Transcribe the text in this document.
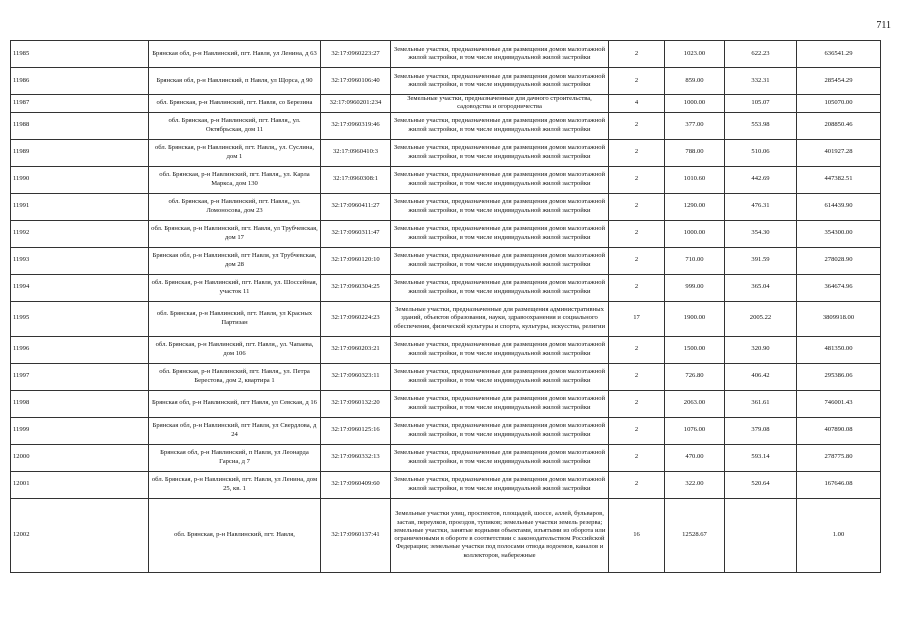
711
11985	Брянская обл, р-н Навлинский, пгт. Навля, ул Ленина, д 63	32:17:0960223:27	Земельные участки, предназначенные для размещения домов малоэтажной жилой застройки, в том числе индивидуальной жилой застройки	2	1023.00	622.23	636541.29
11986	Брянская обл, р-н Навлинский, п Навля, ул Щорса, д 90	32:17:0960106:40	Земельные участки, предназначенные для размещения домов малоэтажной жилой застройки, в том числе индивидуальной жилой застройки	2	859.00	332.31	285454.29
11987	обл. Брянская, р-н Навлинский, пгт. Навля, со Березина	32:17:0960201:234	Земельные участки, предназначенные для дачного строительства, садоводства и огородничества	4	1000.00	105.07	105070.00
11988	обл. Брянская, р-н Навлинский, пгт. Навля,, ул. Октябрьская, дом 11	32:17:0960319:46	Земельные участки, предназначенные для размещения домов малоэтажной жилой застройки, в том числе индивидуальной жилой застройки	2	377.00	553.98	208850.46
11989	обл. Брянская, р-н Навлинский, пгт. Навля,, ул. Суслина, дом 1	32:17:0960410:3	Земельные участки, предназначенные для размещения домов малоэтажной жилой застройки, в том числе индивидуальной жилой застройки	2	788.00	510.06	401927.28
11990	обл. Брянская, р-н Навлинский, пгт. Навля,, ул. Карла Маркса, дом 130	32:17:0960308:1	Земельные участки, предназначенные для размещения домов малоэтажной жилой застройки, в том числе индивидуальной жилой застройки	2	1010.60	442.69	447382.51
11991	обл. Брянская, р-н Навлинский, пгт. Навля,, ул. Ломоносова, дом 23	32:17:0960411:27	Земельные участки, предназначенные для размещения домов малоэтажной жилой застройки, в том числе индивидуальной жилой застройки	2	1290.00	476.31	614439.90
11992	обл. Брянская, р-н Навлинский, пгт. Навля, ул Трубчевская, дом 17	32:17:0960311:47	Земельные участки, предназначенные для размещения домов малоэтажной жилой застройки, в том числе индивидуальной жилой застройки	2	1000.00	354.30	354300.00
11993	Брянская обл, р-н Навлинский, пгт Навля, ул Трубчевская, дом 28	32:17:0960120:10	Земельные участки, предназначенные для размещения домов малоэтажной жилой застройки, в том числе индивидуальной жилой застройки	2	710.00	391.59	278028.90
11994	обл. Брянская, р-н Навлинский, пгт. Навля, ул. Шоссейная, участок 11	32:17:0960304:25	Земельные участки, предназначенные для размещения домов малоэтажной жилой застройки, в том числе индивидуальной жилой застройки	2	999.00	365.04	364674.96
11995	обл. Брянская, р-н Навлинский, пгт. Навля, ул Красных Партизан	32:17:0960224:23	Земельные участки, предназначенные для размещения административных зданий, объектов образования, науки, здравоохранения и социального обеспечения, физической культуры и спорта, культуры, искусства, религии	17	1900.00	2005.22	3809918.00
11996	обл. Брянская, р-н Навлинский, пгт. Навля,, ул. Чапаева, дом 106	32:17:0960203:21	Земельные участки, предназначенные для размещения домов малоэтажной жилой застройки, в том числе индивидуальной жилой застройки	2	1500.00	320.90	481350.00
11997	обл. Брянская, р-н Навлинский, пгт. Навля,, ул. Петра Берестова, дом 2, квартира 1	32:17:0960323:11	Земельные участки, предназначенные для размещения домов малоэтажной жилой застройки, в том числе индивидуальной жилой застройки	2	726.80	406.42	295386.06
11998	Брянская обл, р-н Навлинский, пгт Навля, ул Севская, д 16	32:17:0960132:20	Земельные участки, предназначенные для размещения домов малоэтажной жилой застройки, в том числе индивидуальной жилой застройки	2	2063.00	361.61	746001.43
11999	Брянская обл, р-н Навлинский, пгт Навля, ул Свердлова, д 24	32:17:0960125:16	Земельные участки, предназначенные для размещения домов малоэтажной жилой застройки, в том числе индивидуальной жилой застройки	2	1076.00	379.08	407890.08
12000	Брянская обл, р-н Навлинский, п Навля, ул Леонарда Гарсиа, д 7	32:17:0960332:13	Земельные участки, предназначенные для размещения домов малоэтажной жилой застройки, в том числе индивидуальной жилой застройки	2	470.00	593.14	278775.80
12001	обл. Брянская, р-н Навлинский, пгт. Навля, ул Ленина, дом 25, кв. 1	32:17:0960409:60	Земельные участки, предназначенные для размещения домов малоэтажной жилой застройки, в том числе индивидуальной жилой застройки	2	322.00	520.64	167646.08
12002	обл. Брянская, р-н Навлинский, пгт. Навля,	32:17:0960137:41	Земельные участки улиц, проспектов, площадей, шоссе, аллей, бульваров, застав, переулков, проездов, тупиков; земельные участки земель резерва; земельные участки, занятые водными объектами, изъятыми из оборота или ограниченными в обороте в соответствии с законодательством Российской Федерации; земельные участки под полосами отвода водоемов, каналов и коллекторов, набережные	16	12528.67		1.00
